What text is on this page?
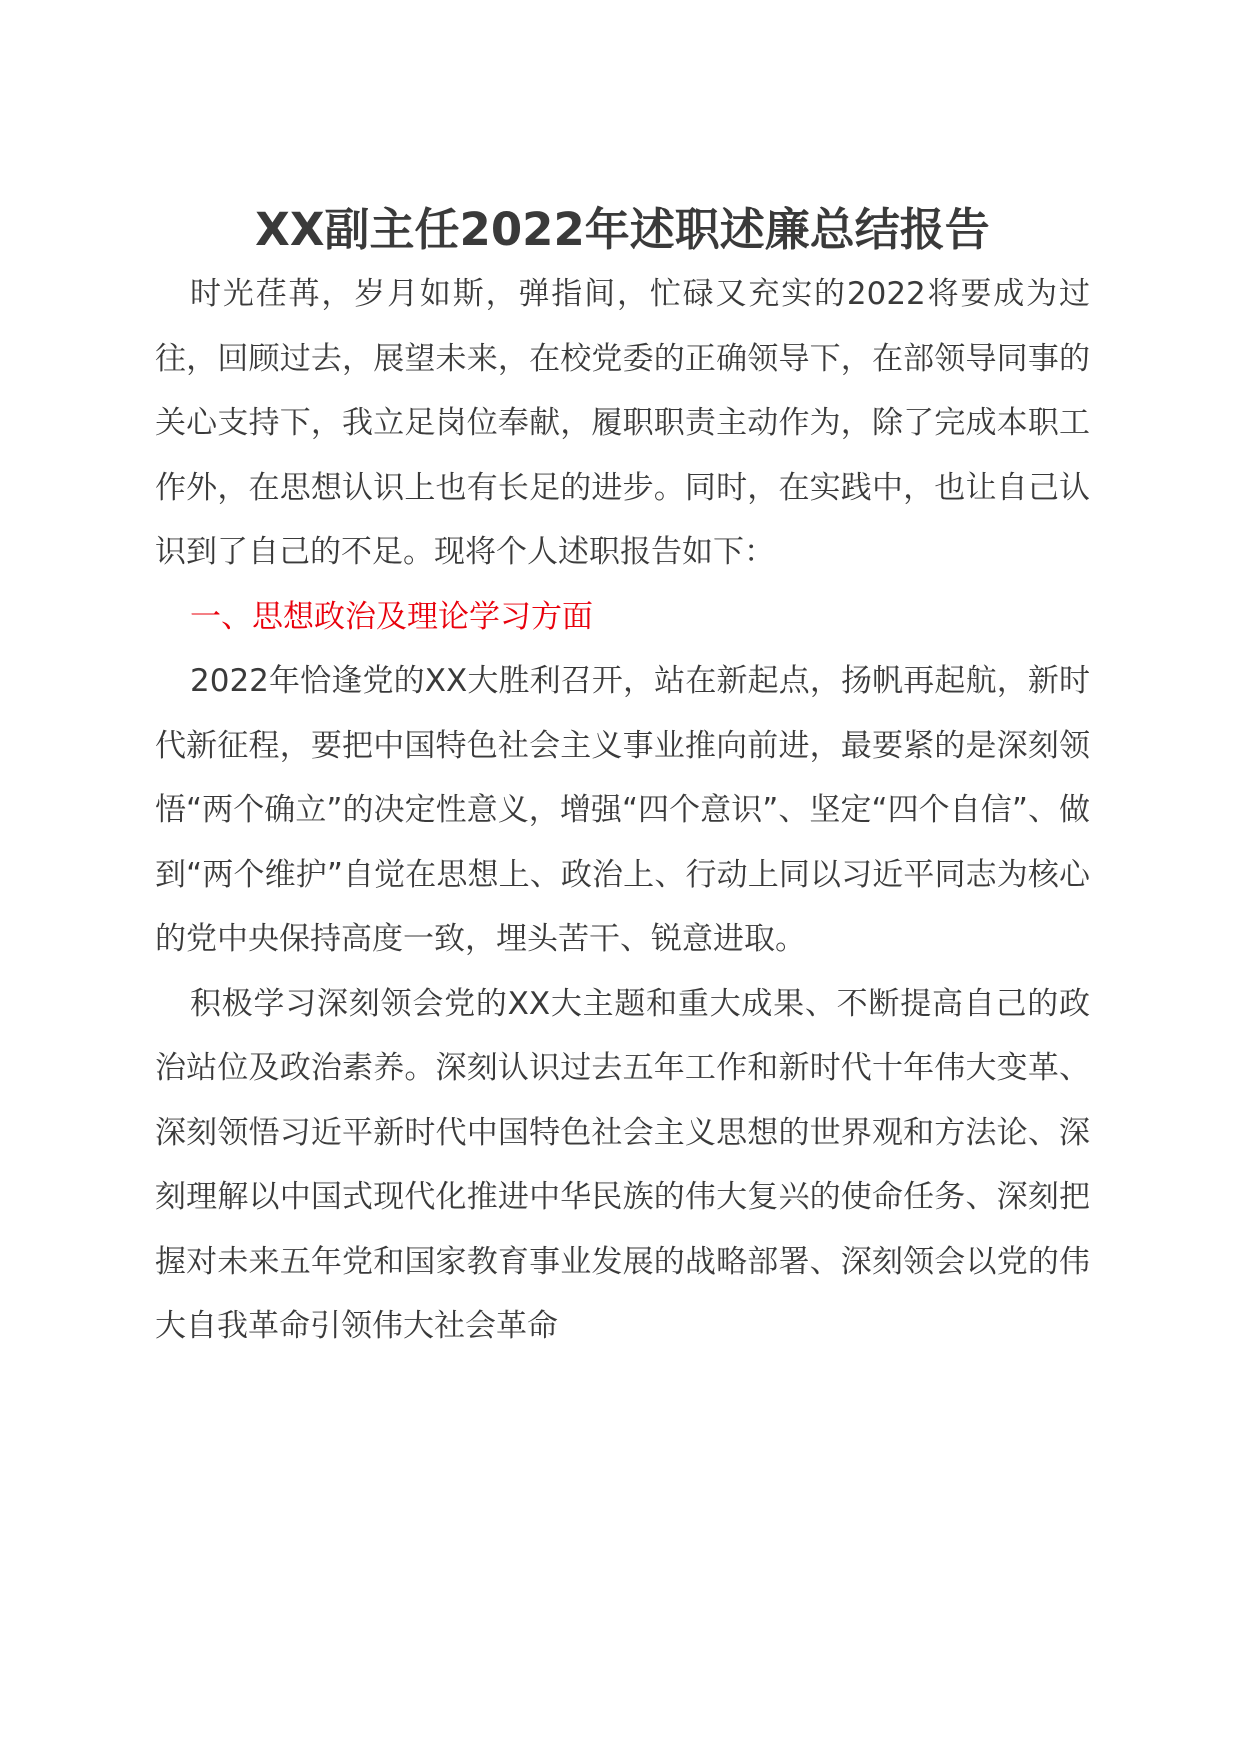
XX副主任2022年述职述廉总结报告

时光荏苒，岁月如斯，弹指间，忙碌又充实的2022将要成为过往，回顾过去，展望未来，在校党委的正确领导下，在部领导同事的关心支持下，我立足岗位奉献，履职职责主动作为，除了完成本职工作外，在思想认识上也有长足的进步。同时，在实践中，也让自己认识到了自己的不足。现将个人述职报告如下：

一、思想政治及理论学习方面

2022年恰逢党的XX大胜利召开，站在新起点，扬帆再起航，新时代新征程，要把中国特色社会主义事业推向前进，最要紧的是深刻领悟“两个确立”的决定性意义，增强“四个意识”、坚定“四个自信”、做到“两个维护”自觉在思想上、政治上、行动上同以习近平同志为核心的党中央保持高度一致，埋头苦干、锐意进取。

积极学习深刻领会党的XX大主题和重大成果、不断提高自己的政治站位及政治素养。深刻认识过去五年工作和新时代十年伟大变革、深刻领悟习近平新时代中国特色社会主义思想的世界观和方法论、深刻理解以中国式现代化推进中华民族的伟大复兴的使命任务、深刻把握对未来五年党和国家教育事业发展的战略部署、深刻领会以党的伟大自我革命引领伟大社会革命
